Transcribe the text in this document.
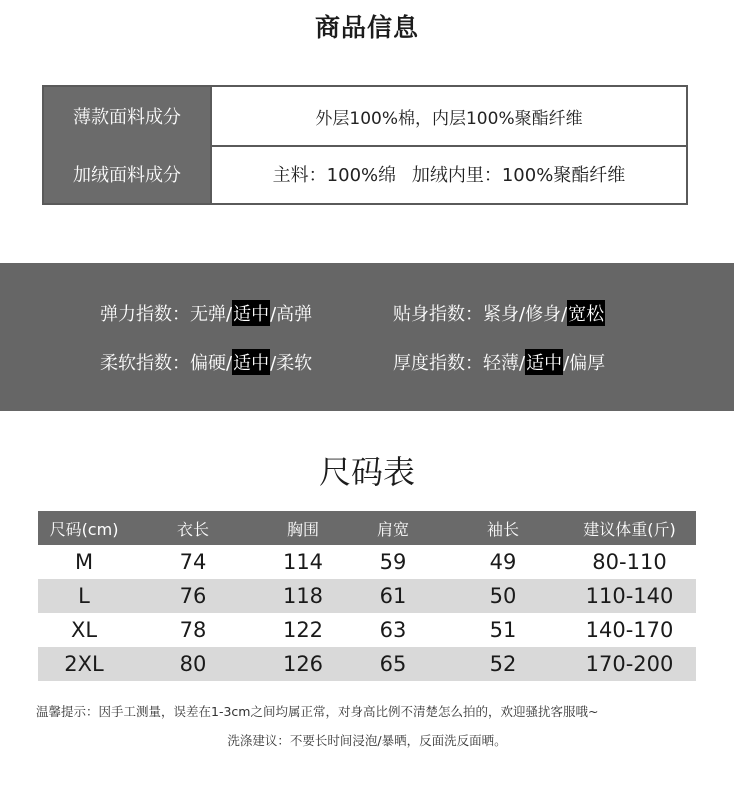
商品信息
薄款面料成分	外层100%棉，内层100%聚酯纤维
加绒面料成分	主料：100%绵 加绒内里：100%聚酯纤维
弹力指数：无弹/适中/高弹	贴身指数：紧身/修身/宽松
柔软指数：偏硬/适中/柔软	厚度指数：轻薄/适中/偏厚
尺码表
尺码(cm)	衣长	胸围	肩宽	袖长	建议体重(斤)
M	74	114	59	49	80-110
L	76	118	61	50	110-140
XL	78	122	63	51	140-170
2XL	80	126	65	52	170-200
温馨提示：因手工测量，误差在1-3cm之间均属正常，对身高比例不清楚怎么拍的，欢迎骚扰客服哦~
洗涤建议：不要长时间浸泡/暴晒，反面洗反面晒。
